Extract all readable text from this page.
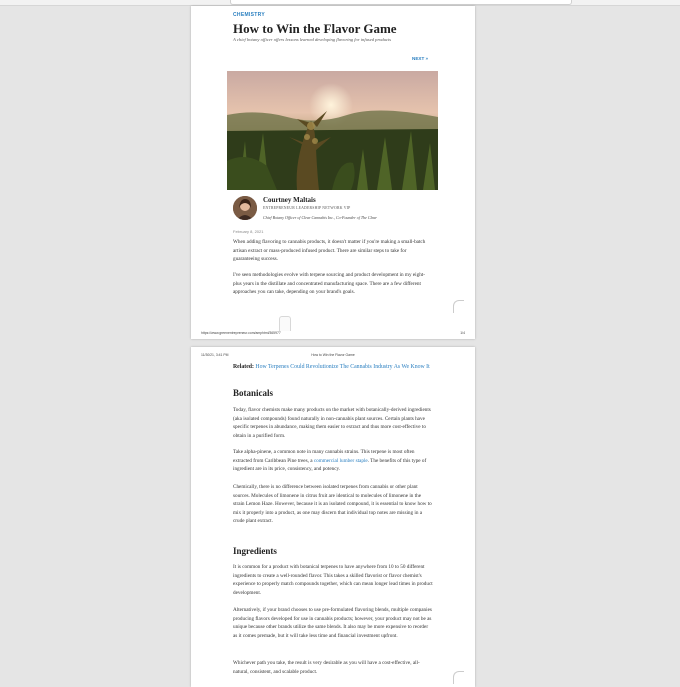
CHEMISTRY
How to Win the Flavor Game
A chief botany officer offers lessons learned developing flavoring for infused products
NEXT »
Courtney Maltais
ENTREPRENEUR LEADERSHIP NETWORK VIP
Chief Botany Officer of Clear Cannabis Inc., Co-Founder of The Clear
February 8, 2021
When adding flavoring to cannabis products, it doesn't matter if you're making a small-batch artisan extract or mass-produced infused product. There are similar steps to take for guaranteeing success.
I've seen methodologies evolve with terpene sourcing and product development in my eight-plus years in the distillate and concentrated manufacturing space. There are a few different approaches you can take, depending on your brand's goals.
https://www.greenentrepreneur.com/amphtml/365977	1/4
11/30/21, 3:41 PM	How to Win the Flavor Game
Related: How Terpenes Could Revolutionize The Cannabis Industry As We Know It
Botanicals
Today, flavor chemists make many products on the market with botanically-derived ingredients (aka isolated compounds) found naturally in non-cannabis plant sources. Certain plants have specific terpenes in abundance, making them easier to extract and thus more cost-effective to obtain in a purified form.
Take alpha-pinene, a common note in many cannabis strains. This terpene is most often extracted from Caribbean Pine trees, a commercial lumber staple. The benefits of this type of ingredient are in its price, consistency, and potency.
Chemically, there is no difference between isolated terpenes from cannabis or other plant sources. Molecules of limonene in citrus fruit are identical to molecules of limonene in the strain Lemon Haze. However, because it is an isolated compound, it is essential to know how to mix it properly into a product, as one may discern that individual top notes are missing in a crude plant extract.
Ingredients
It is common for a product with botanical terpenes to have anywhere from 10 to 50 different ingredients to create a well-rounded flavor. This takes a skilled flavorist or flavor chemist's experience to properly match compounds together, which can mean longer lead times in product development.
Alternatively, if your brand chooses to use pre-formulated flavoring blends, multiple companies producing flavors developed for use in cannabis products; however, your product may not be as unique because other brands utilize the same blends. It also may be more expensive to reorder as it comes premade, but it will take less time and financial investment upfront.
Whichever path you take, the result is very desirable as you will have a cost-effective, all-natural, consistent, and scalable product.
